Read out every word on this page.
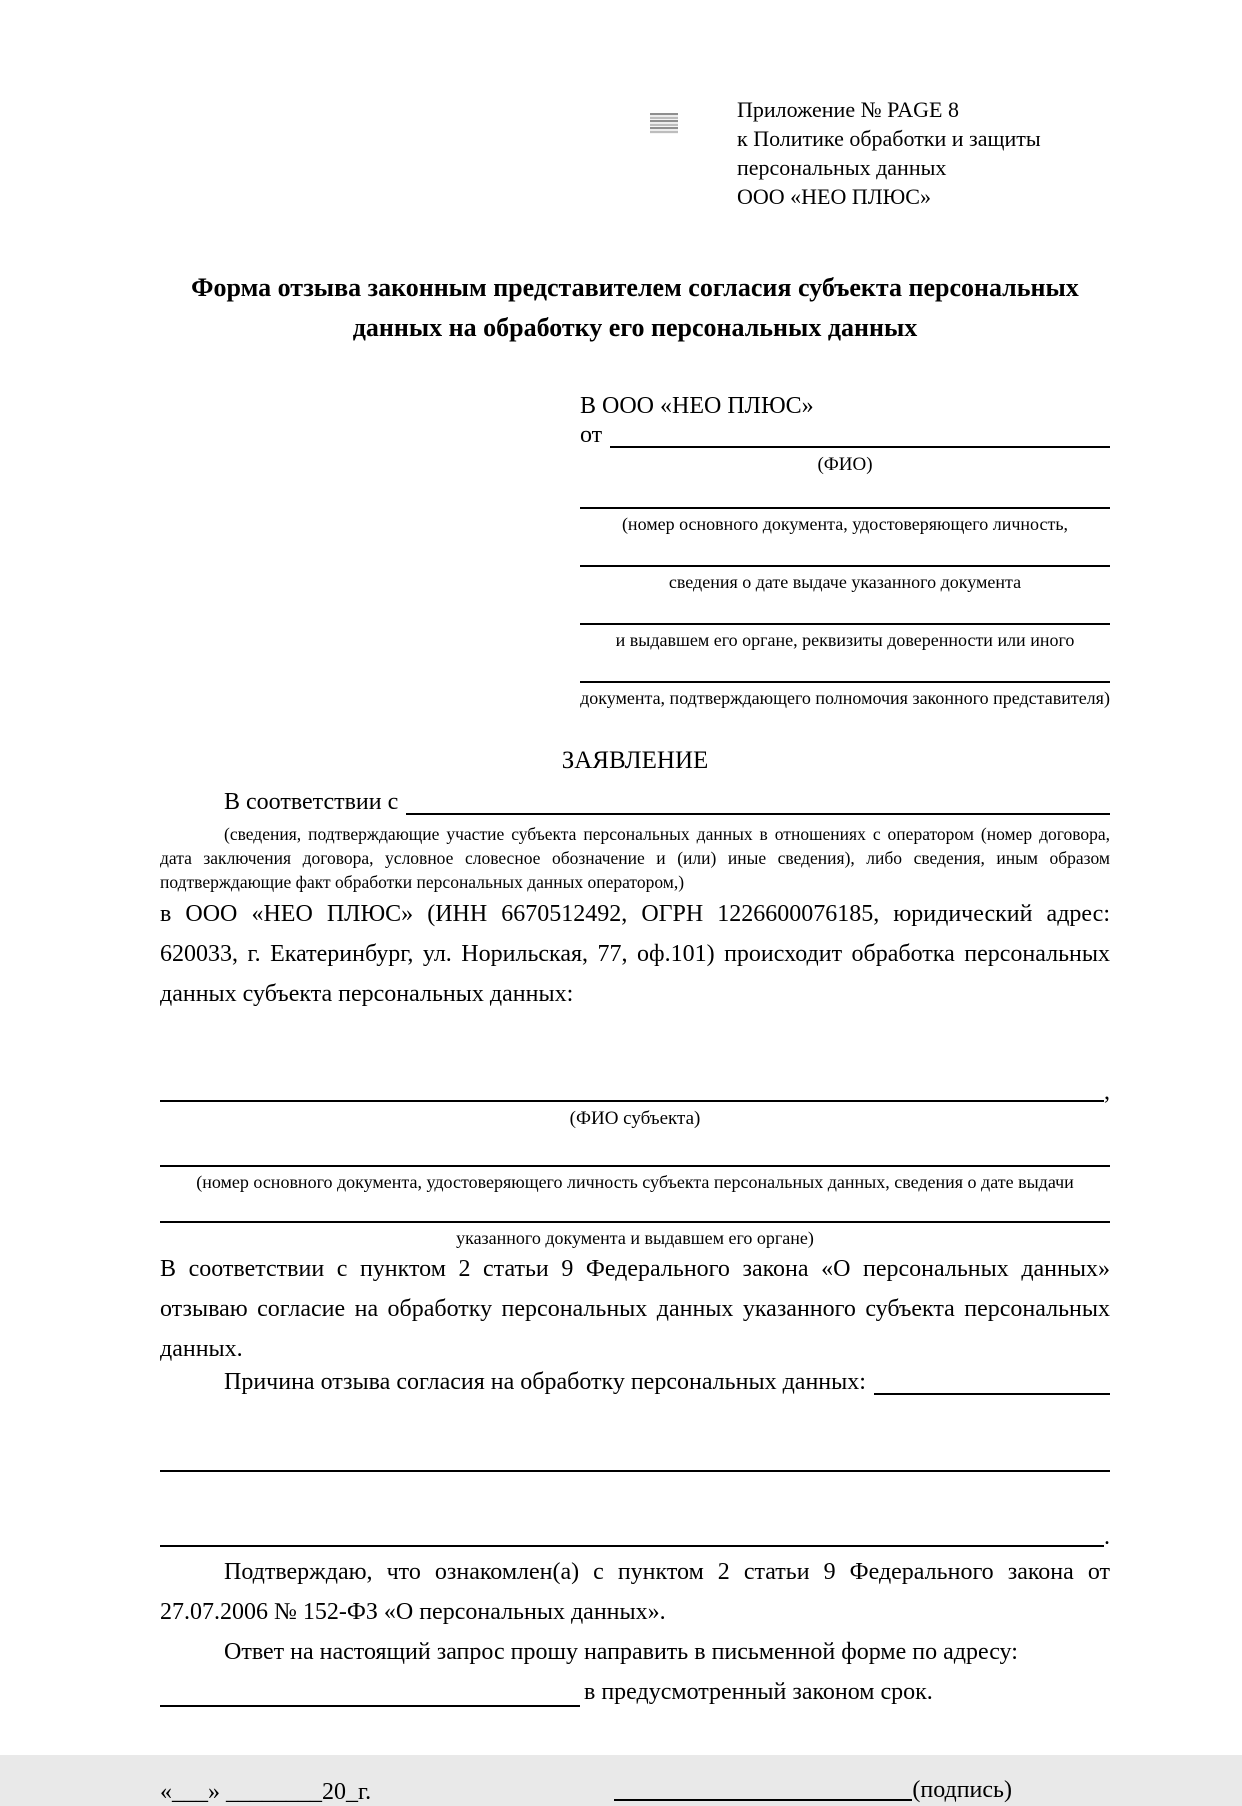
Приложение № PAGE 8
к Политике обработки и защиты
персональных данных
ООО «НЕО ПЛЮС»
Форма отзыва законным представителем согласия субъекта персональных данных на обработку его персональных данных
В ООО «НЕО ПЛЮС»
от
(ФИО)
(номер основного документа, удостоверяющего личность,
сведения о дате выдаче указанного документа
и выдавшем его органе, реквизиты доверенности или иного
документа, подтверждающего полномочия законного представителя)
ЗАЯВЛЕНИЕ
В соответствии с

(сведения, подтверждающие участие субъекта персональных данных в отношениях с оператором (номер договора, дата заключения договора, условное словесное обозначение и (или) иные сведения), либо сведения, иным образом подтверждающие факт обработки персональных данных оператором,)

в ООО «НЕО ПЛЮС» (ИНН 6670512492, ОГРН 1226600076185, юридический адрес: 620033, г. Екатеринбург, ул. Норильская, 77, оф.101) происходит обработка персональных данных субъекта персональных данных:

,
(ФИО субъекта)
(номер основного документа, удостоверяющего личность субъекта персональных данных, сведения о дате выдачи
указанного документа и выдавшем его органе)

В соответствии с пунктом 2 статьи 9 Федерального закона «О персональных данных» отзываю согласие на обработку персональных данных указанного субъекта персональных данных.

Причина отзыва согласия на обработку персональных данных:
.

Подтверждаю, что ознакомлен(а) с пунктом 2 статьи 9 Федерального закона от 27.07.2006 № 152-ФЗ «О персональных данных».

Ответ на настоящий запрос прошу направить в письменной форме по адресу:

в предусмотренный законом срок.
«___» ________20_г.	(подпись)
